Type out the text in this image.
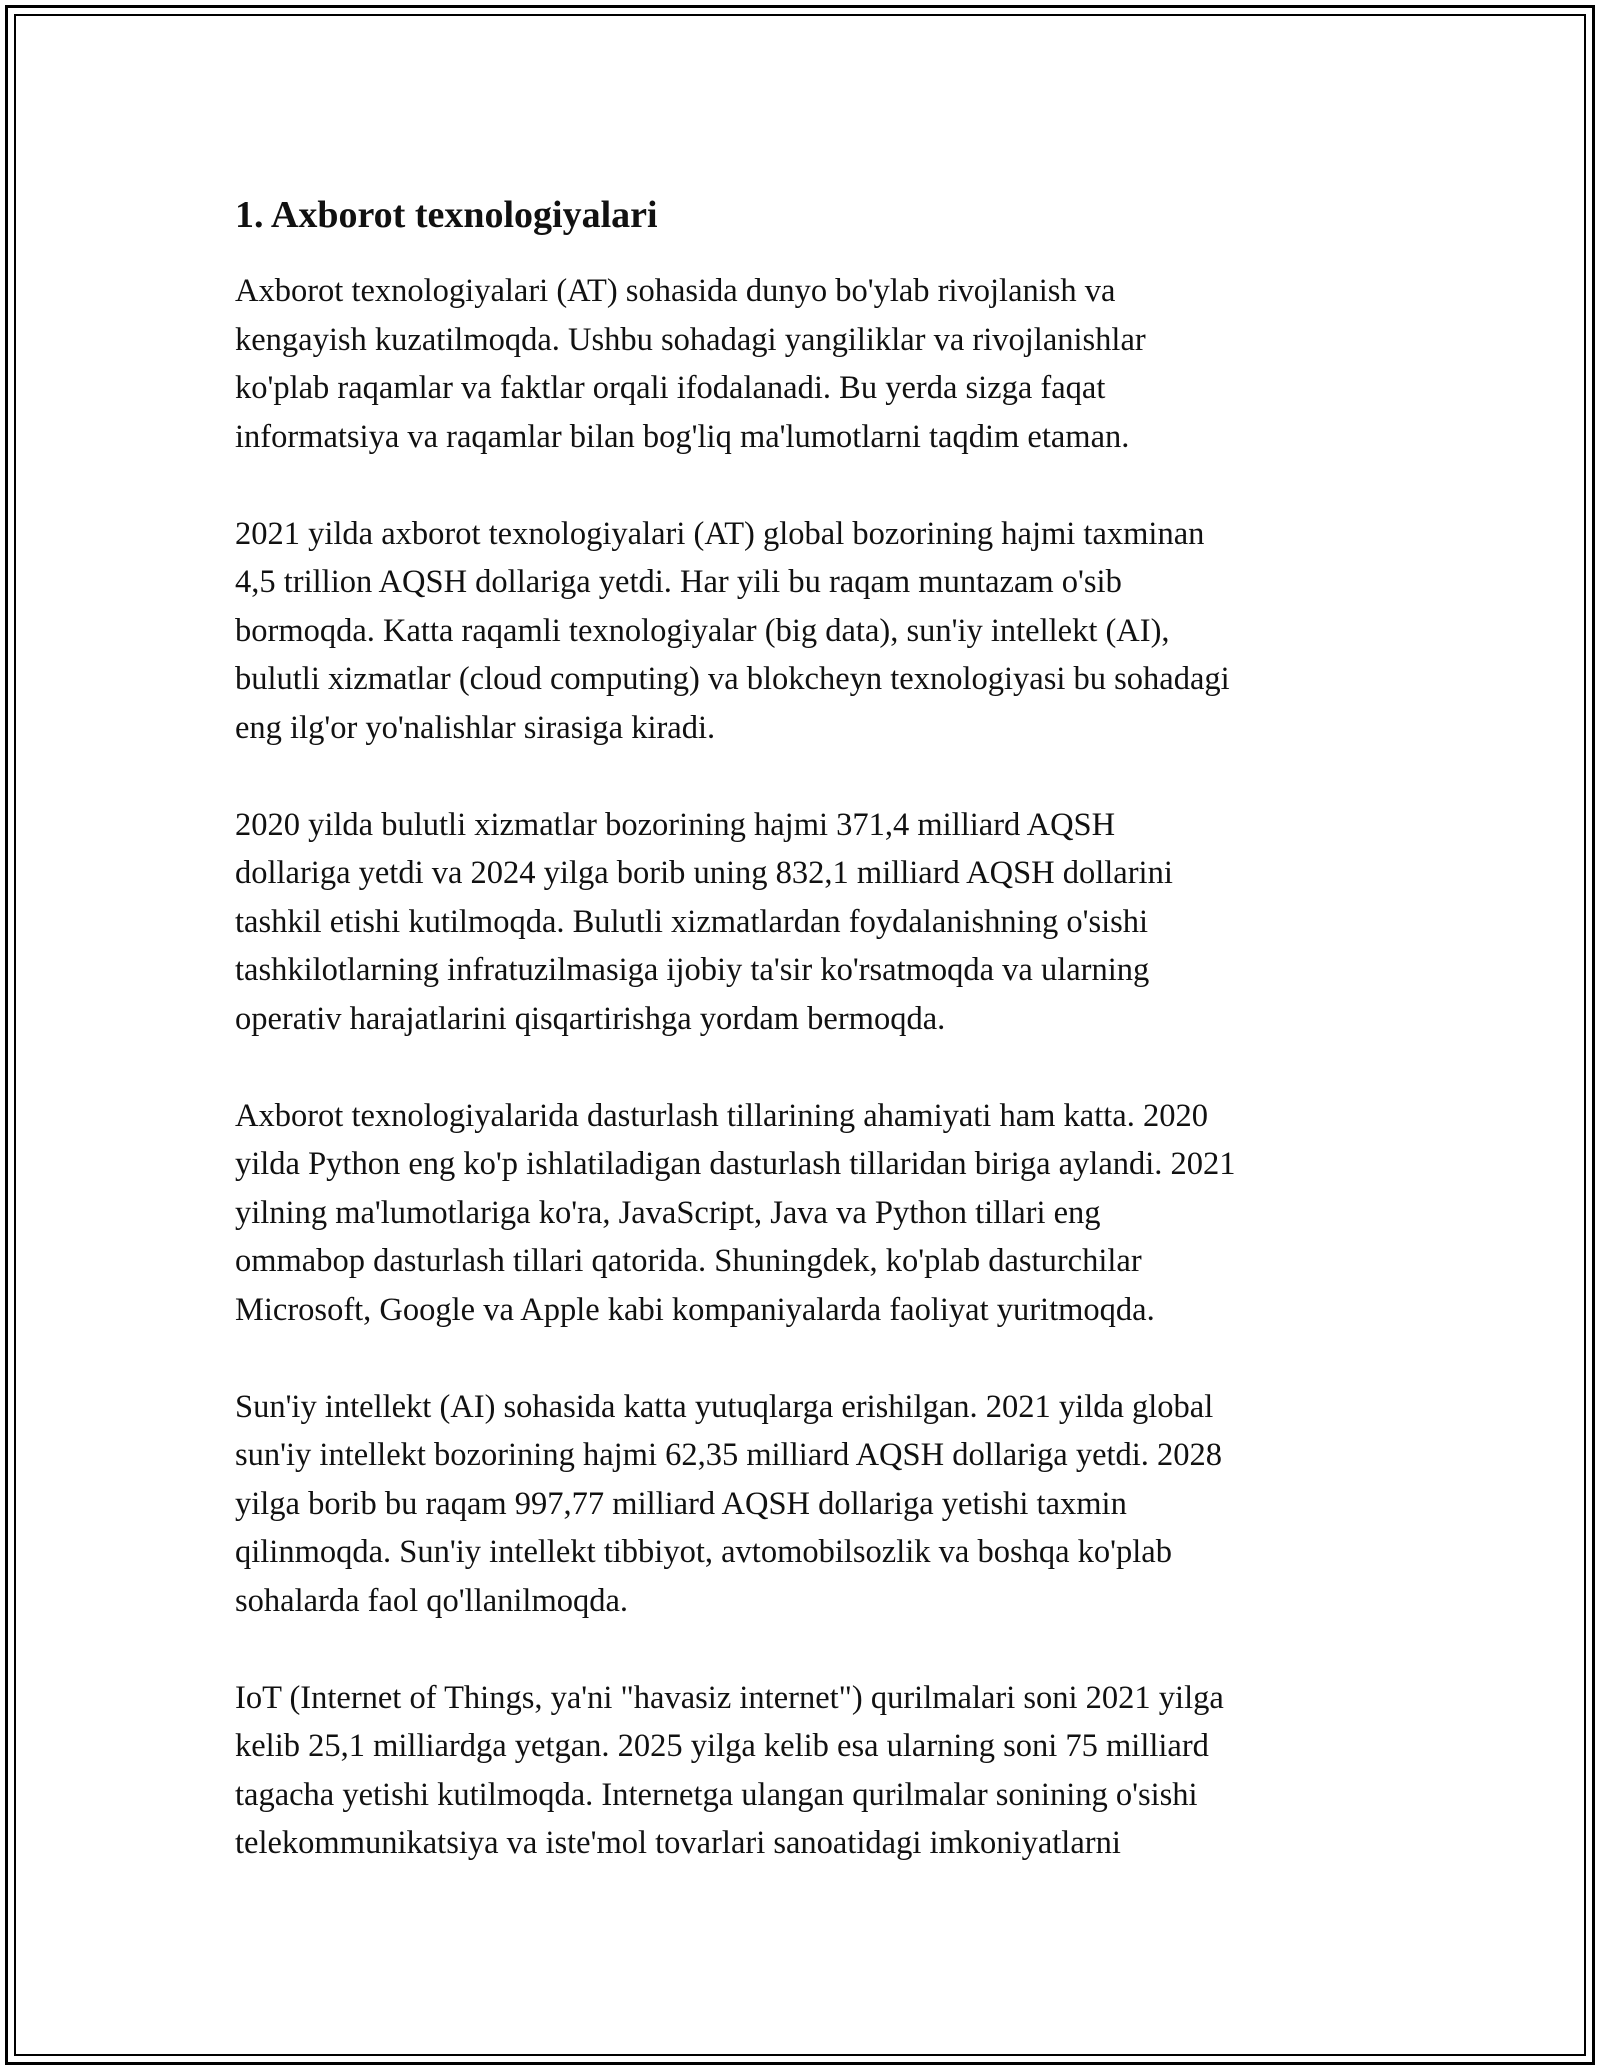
1. Axborot texnologiyalari

Axborot texnologiyalari (AT) sohasida dunyo bo'ylab rivojlanish va
kengayish kuzatilmoqda. Ushbu sohadagi yangiliklar va rivojlanishlar
ko'plab raqamlar va faktlar orqali ifodalanadi. Bu yerda sizga faqat
informatsiya va raqamlar bilan bog'liq ma'lumotlarni taqdim etaman.

2021 yilda axborot texnologiyalari (AT) global bozorining hajmi taxminan
4,5 trillion AQSH dollariga yetdi. Har yili bu raqam muntazam o'sib
bormoqda. Katta raqamli texnologiyalar (big data), sun'iy intellekt (AI),
bulutli xizmatlar (cloud computing) va blokcheyn texnologiyasi bu sohadagi
eng ilg'or yo'nalishlar sirasiga kiradi.

2020 yilda bulutli xizmatlar bozorining hajmi 371,4 milliard AQSH
dollariga yetdi va 2024 yilga borib uning 832,1 milliard AQSH dollarini
tashkil etishi kutilmoqda. Bulutli xizmatlardan foydalanishning o'sishi
tashkilotlarning infratuzilmasiga ijobiy ta'sir ko'rsatmoqda va ularning
operativ harajatlarini qisqartirishga yordam bermoqda.

Axborot texnologiyalarida dasturlash tillarining ahamiyati ham katta. 2020
yilda Python eng ko'p ishlatiladigan dasturlash tillaridan biriga aylandi. 2021
yilning ma'lumotlariga ko'ra, JavaScript, Java va Python tillari eng
ommabop dasturlash tillari qatorida. Shuningdek, ko'plab dasturchilar
Microsoft, Google va Apple kabi kompaniyalarda faoliyat yuritmoqda.

Sun'iy intellekt (AI) sohasida katta yutuqlarga erishilgan. 2021 yilda global
sun'iy intellekt bozorining hajmi 62,35 milliard AQSH dollariga yetdi. 2028
yilga borib bu raqam 997,77 milliard AQSH dollariga yetishi taxmin
qilinmoqda. Sun'iy intellekt tibbiyot, avtomobilsozlik va boshqa ko'plab
sohalarda faol qo'llanilmoqda.

IoT (Internet of Things, ya'ni "havasiz internet") qurilmalari soni 2021 yilga
kelib 25,1 milliardga yetgan. 2025 yilga kelib esa ularning soni 75 milliard
tagacha yetishi kutilmoqda. Internetga ulangan qurilmalar sonining o'sishi
telekommunikatsiya va iste'mol tovarlari sanoatidagi imkoniyatlarni
